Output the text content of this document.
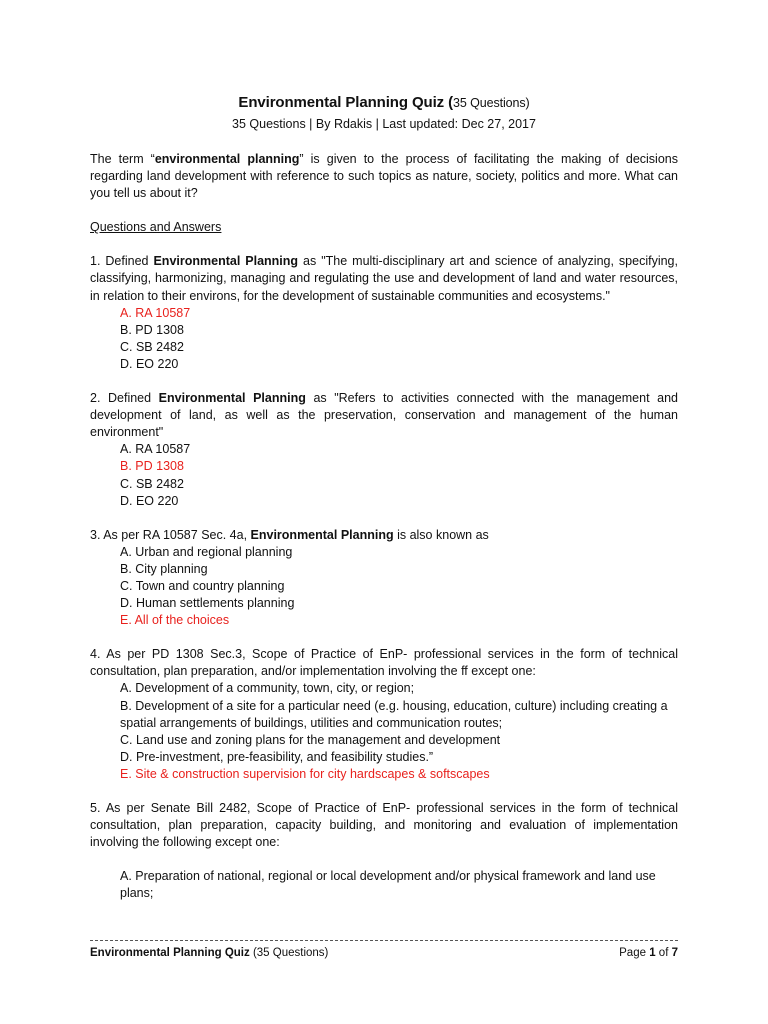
Environmental Planning Quiz (35 Questions)
35 Questions | By Rdakis | Last updated: Dec 27, 2017

The term “environmental planning” is given to the process of facilitating the making of decisions regarding land development with reference to such topics as nature, society, politics and more. What can you tell us about it?

Questions and Answers

1. Defined Environmental Planning as "The multi-disciplinary art and science of analyzing, specifying, classifying, harmonizing, managing and regulating the use and development of land and water resources, in relation to their environs, for the development of sustainable communities and ecosystems."

A. RA 10587
B. PD 1308
C. SB 2482
D. EO 220

2. Defined Environmental Planning as "Refers to activities connected with the management and development of land, as well as the preservation, conservation and management of the human environment"

A. RA 10587
B. PD 1308
C. SB 2482
D. EO 220

3. As per RA 10587 Sec. 4a, Environmental Planning is also known as

A. Urban and regional planning
B. City planning
C. Town and country planning
D. Human settlements planning
E. All of the choices

4. As per PD 1308 Sec.3, Scope of Practice of EnP- professional services in the form of technical consultation, plan preparation, and/or implementation involving the ff except one:

A. Development of a community, town, city, or region;
B. Development of a site for a particular need (e.g. housing, education, culture) including creating a spatial arrangements of buildings, utilities and communication routes;
C. Land use and zoning plans for the management and development
D. Pre-investment, pre-feasibility, and feasibility studies.”
E. Site & construction supervision for city hardscapes & softscapes

5. As per Senate Bill 2482, Scope of Practice of EnP- professional services in the form of technical consultation, plan preparation, capacity building, and monitoring and evaluation of implementation involving the following except one:

A. Preparation of national, regional or local development and/or physical framework and land use plans;
Environmental Planning Quiz (35 Questions)	Page 1 of 7
